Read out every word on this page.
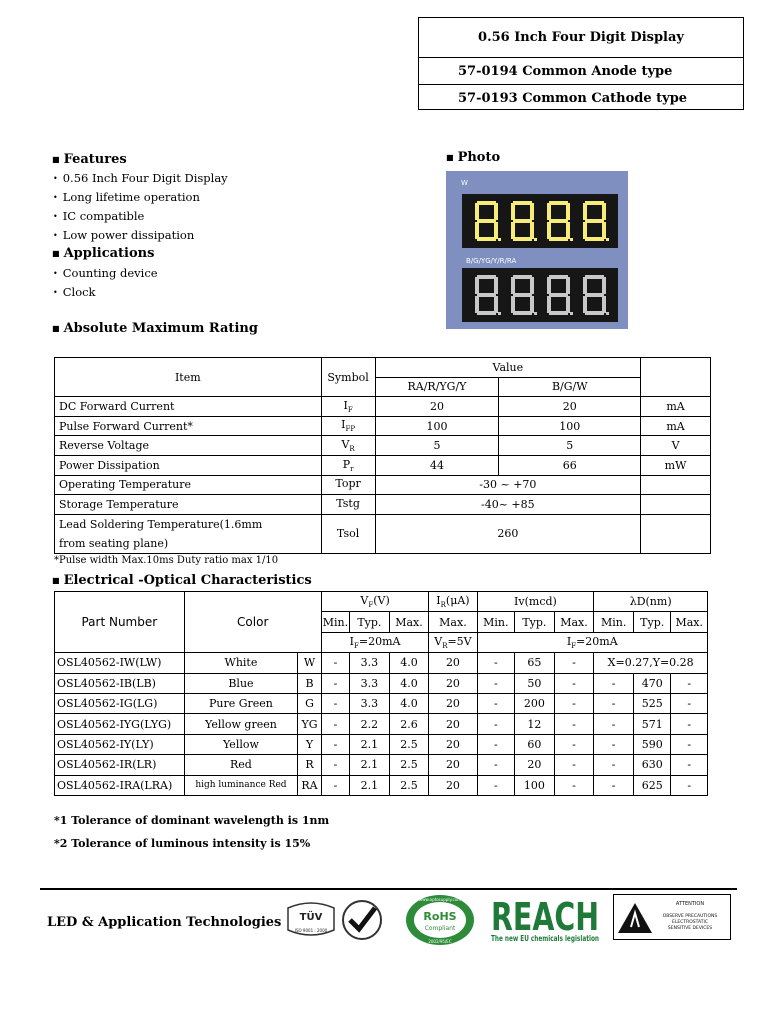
0.56 Inch Four Digit Display
57-0194 Common Anode type
57-0193 Common Cathode type
■ Features
• 0.56 Inch Four Digit Display
• Long lifetime operation
• IC compatible
• Low power dissipation
■ Applications
• Counting device
• Clock
■ Photo
W
B/G/YG/Y/R/RA
■ Absolute Maximum Rating
Item	Symbol	Value		
		RA/R/YG/Y	B/G/W	
DC Forward Current	$I_F$	20	20	mA
Pulse Forward Current*	$I_{FP}$	100	100	mA
Reverse Voltage	$V_R$	5	5	V
Power Dissipation	$P_r$	44	66	mW
Operating Temperature	Topr	-30 ~ +70		
Storage Temperature	Tstg	-40~ +85		
Lead Soldering Temperature(1.6mm
from seating plane)	Tsol	260		
*Pulse width Max.10ms Duty ratio max 1/10
■ Electrical -Optical Characteristics
Part Number	Color		$V_F(V)$			$I_R(\mu A)$	Iv(mcd)			λD(nm)		
			Min.	Typ.	Max.	Max.	Min.	Typ.	Max.	Min.	Typ.	Max.
			$I_F=20mA$			$V_R=5V$	$I_F=20mA$					
OSL40562-IW(LW)	White	W	-	3.3	4.0	20	-	65	-	X=0.27,Y=0.28		
OSL40562-IB(LB)	Blue	B	-	3.3	4.0	20	-	50	-	-	470	-
OSL40562-IG(LG)	Pure Green	G	-	3.3	4.0	20	-	200	-	-	525	-
OSL40562-IYG(LYG)	Yellow green	YG	-	2.2	2.6	20	-	12	-	-	571	-
OSL40562-IY(LY)	Yellow	Y	-	2.1	2.5	20	-	60	-	-	590	-
OSL40562-IR(LR)	Red	R	-	2.1	2.5	20	-	20	-	-	630	-
OSL40562-IRA(LRA)	high luminance Red	RA	-	2.1	2.5	20	-	100	-	-	625	-
*1 Tolerance of dominant wavelength is 1nm
*2 Tolerance of luminous intensity is 15%
LED & Application Technologies TÜV
ISO 9001 : 2000
www.optosupply.com
RoHS
Compliant
2002/95/EC
REACH
The new EU chemicals legislation
ATTENTION
OBSERVE PRECAUTIONS
ELECTROSTATIC
SENSITIVE DEVICES
